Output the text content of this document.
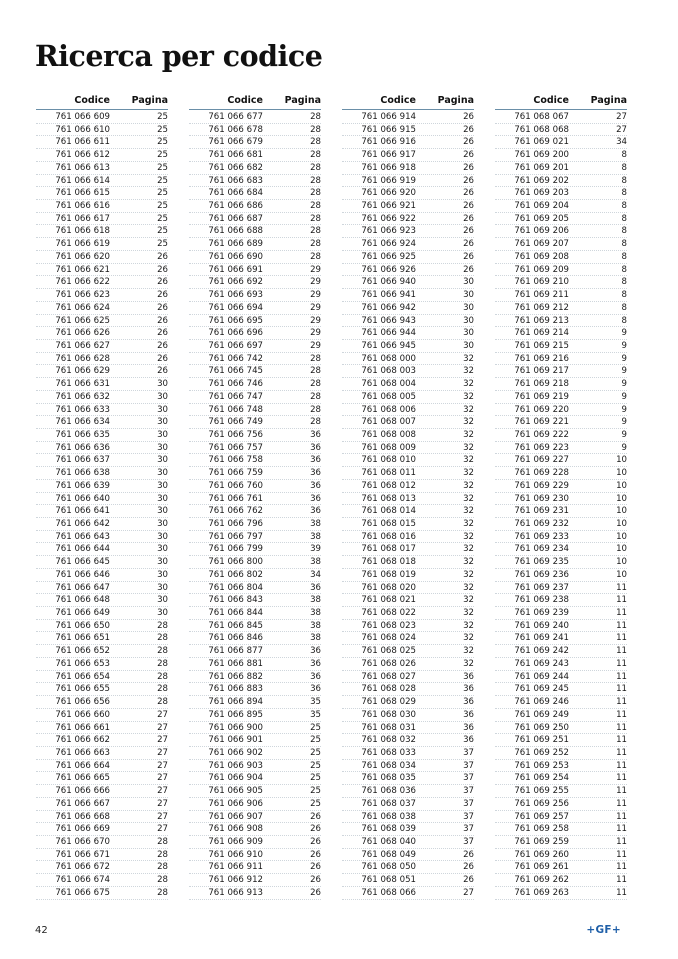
Ricerca per codice
Codice Pagina
761 066 609	25
761 066 610	25
761 066 611	25
761 066 612	25
761 066 613	25
761 066 614	25
761 066 615	25
761 066 616	25
761 066 617	25
761 066 618	25
761 066 619	25
761 066 620	26
761 066 621	26
761 066 622	26
761 066 623	26
761 066 624	26
761 066 625	26
761 066 626	26
761 066 627	26
761 066 628	26
761 066 629	26
761 066 631	30
761 066 632	30
761 066 633	30
761 066 634	30
761 066 635	30
761 066 636	30
761 066 637	30
761 066 638	30
761 066 639	30
761 066 640	30
761 066 641	30
761 066 642	30
761 066 643	30
761 066 644	30
761 066 645	30
761 066 646	30
761 066 647	30
761 066 648	30
761 066 649	30
761 066 650	28
761 066 651	28
761 066 652	28
761 066 653	28
761 066 654	28
761 066 655	28
761 066 656	28
761 066 660	27
761 066 661	27
761 066 662	27
761 066 663	27
761 066 664	27
761 066 665	27
761 066 666	27
761 066 667	27
761 066 668	27
761 066 669	27
761 066 670	28
761 066 671	28
761 066 672	28
761 066 674	28
761 066 675	28
Codice Pagina
761 066 677	28
761 066 678	28
761 066 679	28
761 066 681	28
761 066 682	28
761 066 683	28
761 066 684	28
761 066 686	28
761 066 687	28
761 066 688	28
761 066 689	28
761 066 690	28
761 066 691	29
761 066 692	29
761 066 693	29
761 066 694	29
761 066 695	29
761 066 696	29
761 066 697	29
761 066 742	28
761 066 745	28
761 066 746	28
761 066 747	28
761 066 748	28
761 066 749	28
761 066 756	36
761 066 757	36
761 066 758	36
761 066 759	36
761 066 760	36
761 066 761	36
761 066 762	36
761 066 796	38
761 066 797	38
761 066 799	39
761 066 800	38
761 066 802	34
761 066 804	36
761 066 843	38
761 066 844	38
761 066 845	38
761 066 846	38
761 066 877	36
761 066 881	36
761 066 882	36
761 066 883	36
761 066 894	35
761 066 895	35
761 066 900	25
761 066 901	25
761 066 902	25
761 066 903	25
761 066 904	25
761 066 905	25
761 066 906	25
761 066 907	26
761 066 908	26
761 066 909	26
761 066 910	26
761 066 911	26
761 066 912	26
761 066 913	26
Codice Pagina
761 066 914	26
761 066 915	26
761 066 916	26
761 066 917	26
761 066 918	26
761 066 919	26
761 066 920	26
761 066 921	26
761 066 922	26
761 066 923	26
761 066 924	26
761 066 925	26
761 066 926	26
761 066 940	30
761 066 941	30
761 066 942	30
761 066 943	30
761 066 944	30
761 066 945	30
761 068 000	32
761 068 003	32
761 068 004	32
761 068 005	32
761 068 006	32
761 068 007	32
761 068 008	32
761 068 009	32
761 068 010	32
761 068 011	32
761 068 012	32
761 068 013	32
761 068 014	32
761 068 015	32
761 068 016	32
761 068 017	32
761 068 018	32
761 068 019	32
761 068 020	32
761 068 021	32
761 068 022	32
761 068 023	32
761 068 024	32
761 068 025	32
761 068 026	32
761 068 027	36
761 068 028	36
761 068 029	36
761 068 030	36
761 068 031	36
761 068 032	36
761 068 033	37
761 068 034	37
761 068 035	37
761 068 036	37
761 068 037	37
761 068 038	37
761 068 039	37
761 068 040	37
761 068 049	26
761 068 050	26
761 068 051	26
761 068 066	27
Codice Pagina
761 068 067	27
761 068 068	27
761 069 021	34
761 069 200	8
761 069 201	8
761 069 202	8
761 069 203	8
761 069 204	8
761 069 205	8
761 069 206	8
761 069 207	8
761 069 208	8
761 069 209	8
761 069 210	8
761 069 211	8
761 069 212	8
761 069 213	8
761 069 214	9
761 069 215	9
761 069 216	9
761 069 217	9
761 069 218	9
761 069 219	9
761 069 220	9
761 069 221	9
761 069 222	9
761 069 223	9
761 069 227	10
761 069 228	10
761 069 229	10
761 069 230	10
761 069 231	10
761 069 232	10
761 069 233	10
761 069 234	10
761 069 235	10
761 069 236	10
761 069 237	11
761 069 238	11
761 069 239	11
761 069 240	11
761 069 241	11
761 069 242	11
761 069 243	11
761 069 244	11
761 069 245	11
761 069 246	11
761 069 249	11
761 069 250	11
761 069 251	11
761 069 252	11
761 069 253	11
761 069 254	11
761 069 255	11
761 069 256	11
761 069 257	11
761 069 258	11
761 069 259	11
761 069 260	11
761 069 261	11
761 069 262	11
761 069 263	11
42	+GF+
